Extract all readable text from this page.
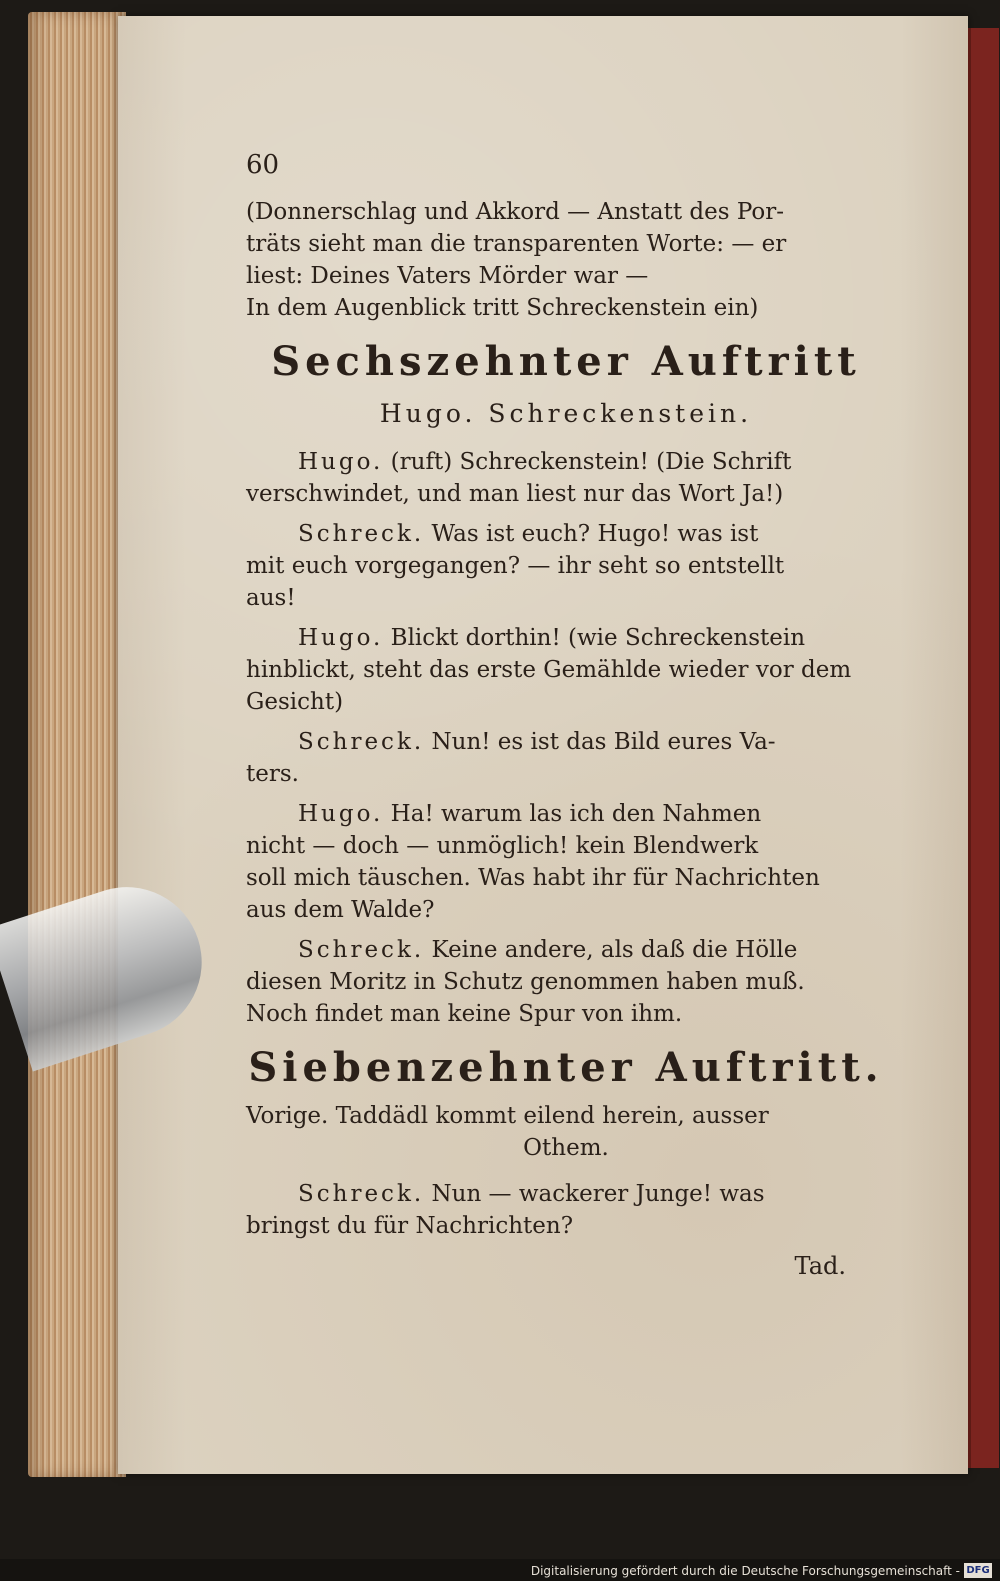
60
(Donnerschlag und Akkord — Anstatt des Por-
träts sieht man die transparenten Worte: — er
liest: Deines Vaters Mörder war —
In dem Augenblick tritt Schreckenstein ein)
Sechszehnter Auftritt
Hugo. Schreckenstein.
Hugo. (ruft) Schreckenstein! (Die Schrift
verschwindet, und man liest nur das Wort Ja!)
Schreck. Was ist euch? Hugo! was ist
mit euch vorgegangen? — ihr seht so entstellt
aus!
Hugo. Blickt dorthin! (wie Schreckenstein
hinblickt, steht das erste Gemählde wieder vor dem
Gesicht)
Schreck. Nun! es ist das Bild eures Va-
ters.
Hugo. Ha! warum las ich den Nahmen
nicht — doch — unmöglich! kein Blendwerk
soll mich täuschen. Was habt ihr für Nachrichten
aus dem Walde?
Schreck. Keine andere, als daß die Hölle
diesen Moritz in Schutz genommen haben muß.
Noch findet man keine Spur von ihm.
Siebenzehnter Auftritt.
Vorige. Taddädl kommt eilend herein, ausser
Othem.
Schreck. Nun — wackerer Junge! was
bringst du für Nachrichten?
Tad.
Digitalisierung gefördert durch die Deutsche Forschungsgemeinschaft - DFG
